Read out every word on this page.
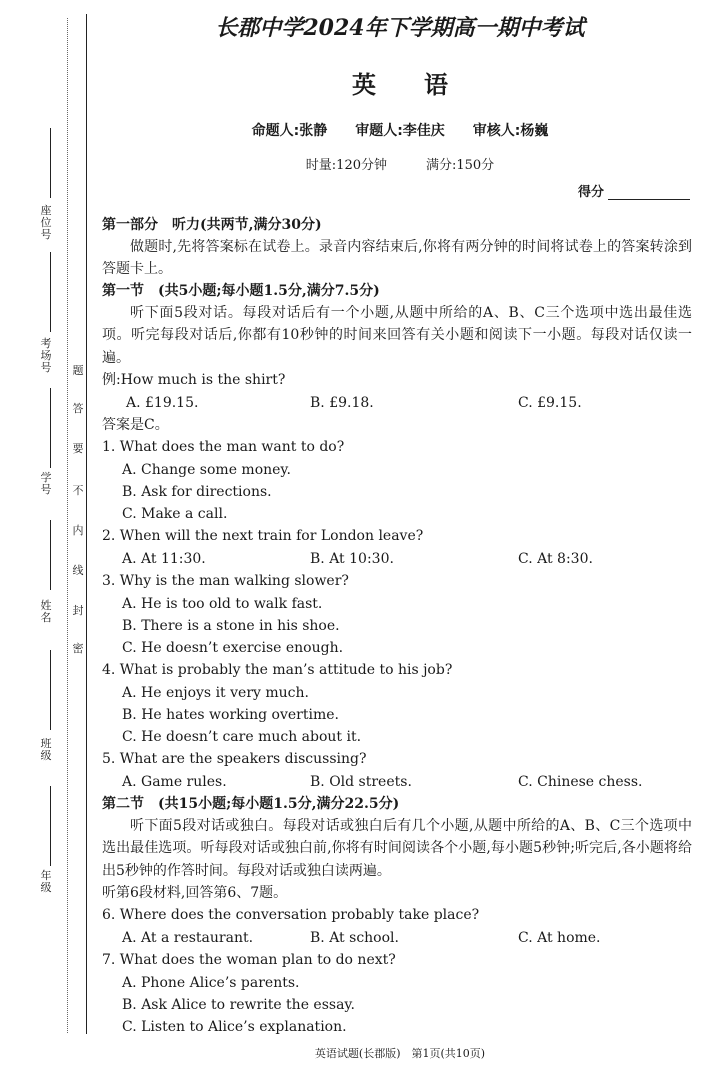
座位号
考场号
学　号
姓　名
班　级
年　级
题
答
要
不
内
线
封
密
长郡中学2024年下学期高一期中考试
英　　语
命题人:张静　　审题人:李佳庆　　审核人:杨巍
时量:120分钟　　　满分:150分
得分
第一部分　听力(共两节,满分30分)
做题时,先将答案标在试卷上。录音内容结束后,你将有两分钟的时间将试卷上的答案转涂到答题卡上。
第一节　(共5小题;每小题1.5分,满分7.5分)
听下面5段对话。每段对话后有一个小题,从题中所给的A、B、C三个选项中选出最佳选项。听完每段对话后,你都有10秒钟的时间来回答有关小题和阅读下一小题。每段对话仅读一遍。
例:How much is the shirt?
A. £19.15.	B. £9.18.	C. £9.15.
答案是C。
1. What does the man want to do?
A. Change some money.
B. Ask for directions.
C. Make a call.
2. When will the next train for London leave?
A. At 11:30.	B. At 10:30.	C. At 8:30.
3. Why is the man walking slower?
A. He is too old to walk fast.
B. There is a stone in his shoe.
C. He doesn’t exercise enough.
4. What is probably the man’s attitude to his job?
A. He enjoys it very much.
B. He hates working overtime.
C. He doesn’t care much about it.
5. What are the speakers discussing?
A. Game rules.	B. Old streets.	C. Chinese chess.
第二节　(共15小题;每小题1.5分,满分22.5分)
听下面5段对话或独白。每段对话或独白后有几个小题,从题中所给的A、B、C三个选项中选出最佳选项。听每段对话或独白前,你将有时间阅读各个小题,每小题5秒钟;听完后,各小题将给出5秒钟的作答时间。每段对话或独白读两遍。
听第6段材料,回答第6、7题。
6. Where does the conversation probably take place?
A. At a restaurant.	B. At school.	C. At home.
7. What does the woman plan to do next?
A. Phone Alice’s parents.
B. Ask Alice to rewrite the essay.
C. Listen to Alice’s explanation.
英语试题(长郡版)　第1页(共10页)
